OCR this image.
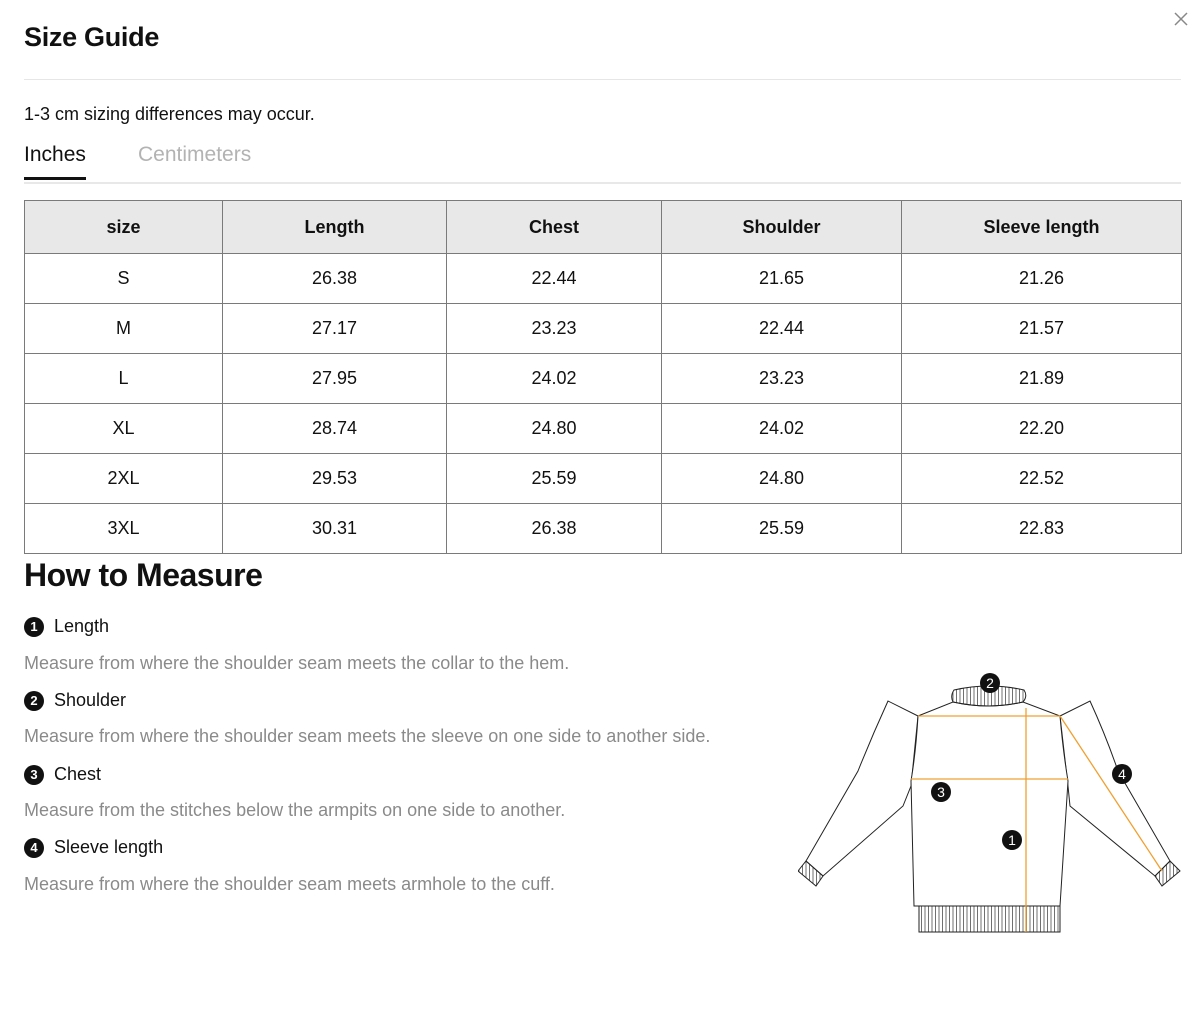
Size Guide
1-3 cm sizing differences may occur.
Inches Centimeters
size	Length	Chest	Shoulder	Sleeve length
S	26.38	22.44	21.65	21.26
M	27.17	23.23	22.44	21.57
L	27.95	24.02	23.23	21.89
XL	28.74	24.80	24.02	22.20
2XL	29.53	25.59	24.80	22.52
3XL	30.31	26.38	25.59	22.83
How to Measure
1 Length
Measure from where the shoulder seam meets the collar to the hem.
2 Shoulder
Measure from where the shoulder seam meets the sleeve on one side to another side.
3 Chest
Measure from the stitches below the armpits on one side to another.
4 Sleeve length
Measure from where the shoulder seam meets armhole to the cuff.
2
3
4
1
